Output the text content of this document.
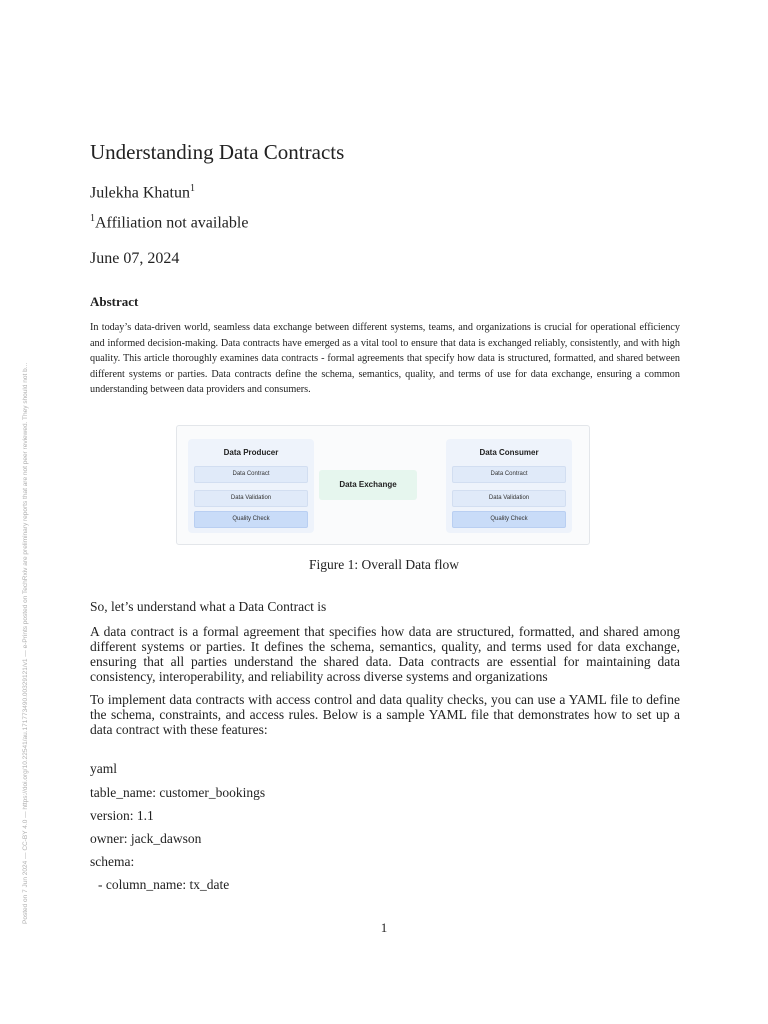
Posted on 7 Jun 2024 — CC-BY 4.0 — https://doi.org/10.22541/au.171773490.00329121/v1 — e-Prints posted on TechRxiv are preliminary reports that are not peer reviewed. They should not b...
Understanding Data Contracts
Julekha Khatun$^1$
$^1$Affiliation not available
June 07, 2024
Abstract
In today’s data-driven world, seamless data exchange between different systems, teams, and organizations is crucial for operational efficiency and informed decision-making. Data contracts have emerged as a vital tool to ensure that data is exchanged reliably, consistently, and with high quality. This article thoroughly examines data contracts - formal agreements that specify how data is structured, formatted, and shared between different systems or parties. Data contracts define the schema, semantics, quality, and terms of use for data exchange, ensuring a common understanding between data providers and consumers.
Data Producer
Data Contract
Data Validation
Quality Check
Data Exchange
Data Consumer
Data Contract
Data Validation
Quality Check
Figure 1: Overall Data flow
So, let’s understand what a Data Contract is
A data contract is a formal agreement that specifies how data are structured, formatted, and shared among different systems or parties. It defines the schema, semantics, quality, and terms used for data exchange, ensuring that all parties understand the shared data. Data contracts are essential for maintaining data consistency, interoperability, and reliability across diverse systems and organizations
To implement data contracts with access control and data quality checks, you can use a YAML file to define the schema, constraints, and access rules. Below is a sample YAML file that demonstrates how to set up a data contract with these features:
yaml
table_name: customer_bookings
version: 1.1
owner: jack_dawson
schema:
- column_name: tx_date
1
